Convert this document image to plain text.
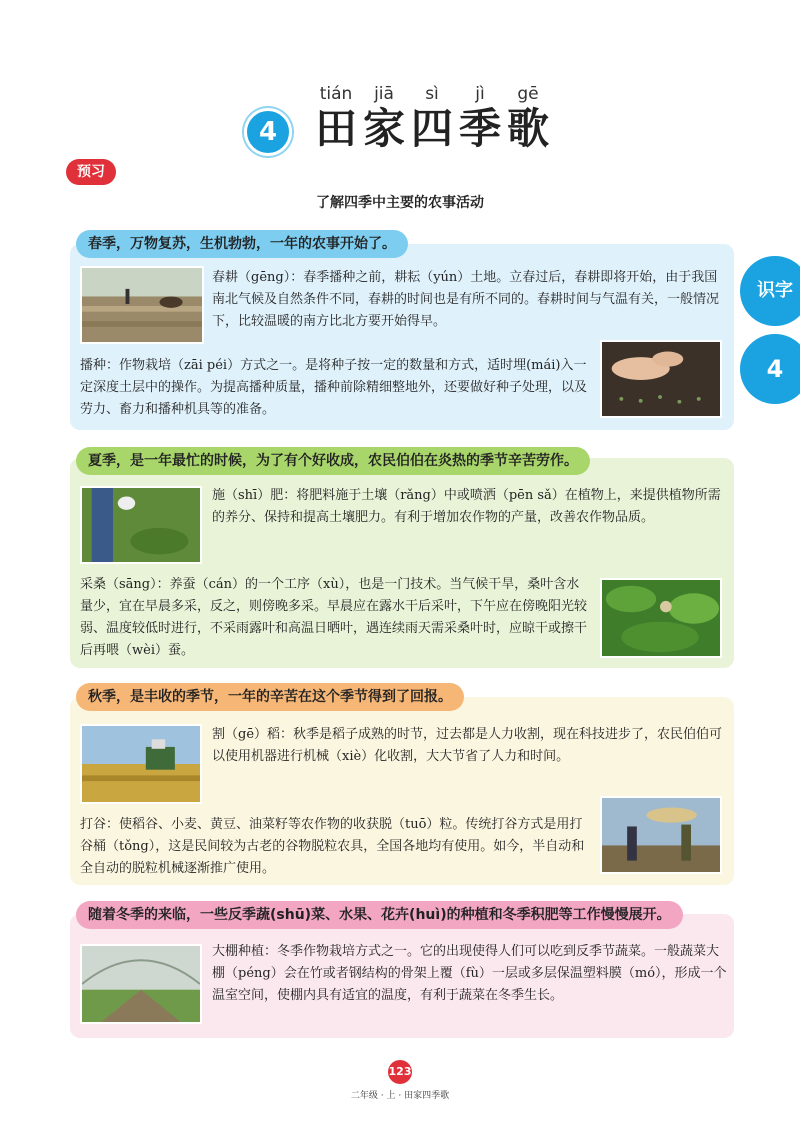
tián	jiā	sì	jì	gē
4 田 家 四 季 歌
预习
了解四季中主要的农事活动
识字
4
春季，万物复苏，生机勃勃，一年的农事开始了。
春耕（gēng）：春季播种之前，耕耘（yún）土地。立春过后，春耕即将开始，由于我国南北气候及自然条件不同，春耕的时间也是有所不同的。春耕时间与气温有关，一般情况下，比较温暖的南方比北方要开始得早。
播种：作物栽培（zāi péi）方式之一。是将种子按一定的数量和方式，适时埋(mái)入一定深度土层中的操作。为提高播种质量，播种前除精细整地外，还要做好种子处理，以及劳力、畜力和播种机具等的准备。
夏季，是一年最忙的时候，为了有个好收成，农民伯伯在炎热的季节辛苦劳作。
施（shī）肥：将肥料施于土壤（rǎng）中或喷洒（pēn sǎ）在植物上，来提供植物所需的养分、保持和提高土壤肥力。有利于增加农作物的产量，改善农作物品质。
采桑（sāng）：养蚕（cán）的一个工序（xù），也是一门技术。当气候干旱，桑叶含水量少，宜在早晨多采，反之，则傍晚多采。早晨应在露水干后采叶，下午应在傍晚阳光较弱、温度较低时进行，不采雨露叶和高温日晒叶，遇连续雨天需采桑叶时，应晾干或擦干后再喂（wèi）蚕。
秋季，是丰收的季节，一年的辛苦在这个季节得到了回报。
割（gē）稻：秋季是稻子成熟的时节，过去都是人力收割，现在科技进步了，农民伯伯可以使用机器进行机械（xiè）化收割，大大节省了人力和时间。
打谷：使稻谷、小麦、黄豆、油菜籽等农作物的收获脱（tuō）粒。传统打谷方式是用打谷桶（tǒng），这是民间较为古老的谷物脱粒农具，全国各地均有使用。如今，半自动和全自动的脱粒机械逐渐推广使用。
随着冬季的来临，一些反季蔬(shū)菜、水果、花卉(huì)的种植和冬季积肥等工作慢慢展开。
大棚种植：冬季作物栽培方式之一。它的出现使得人们可以吃到反季节蔬菜。一般蔬菜大棚（péng）会在竹或者钢结构的骨架上覆（fù）一层或多层保温塑料膜（mó），形成一个温室空间，使棚内具有适宜的温度，有利于蔬菜在冬季生长。
123
二年级 · 上 · 田家四季歌
